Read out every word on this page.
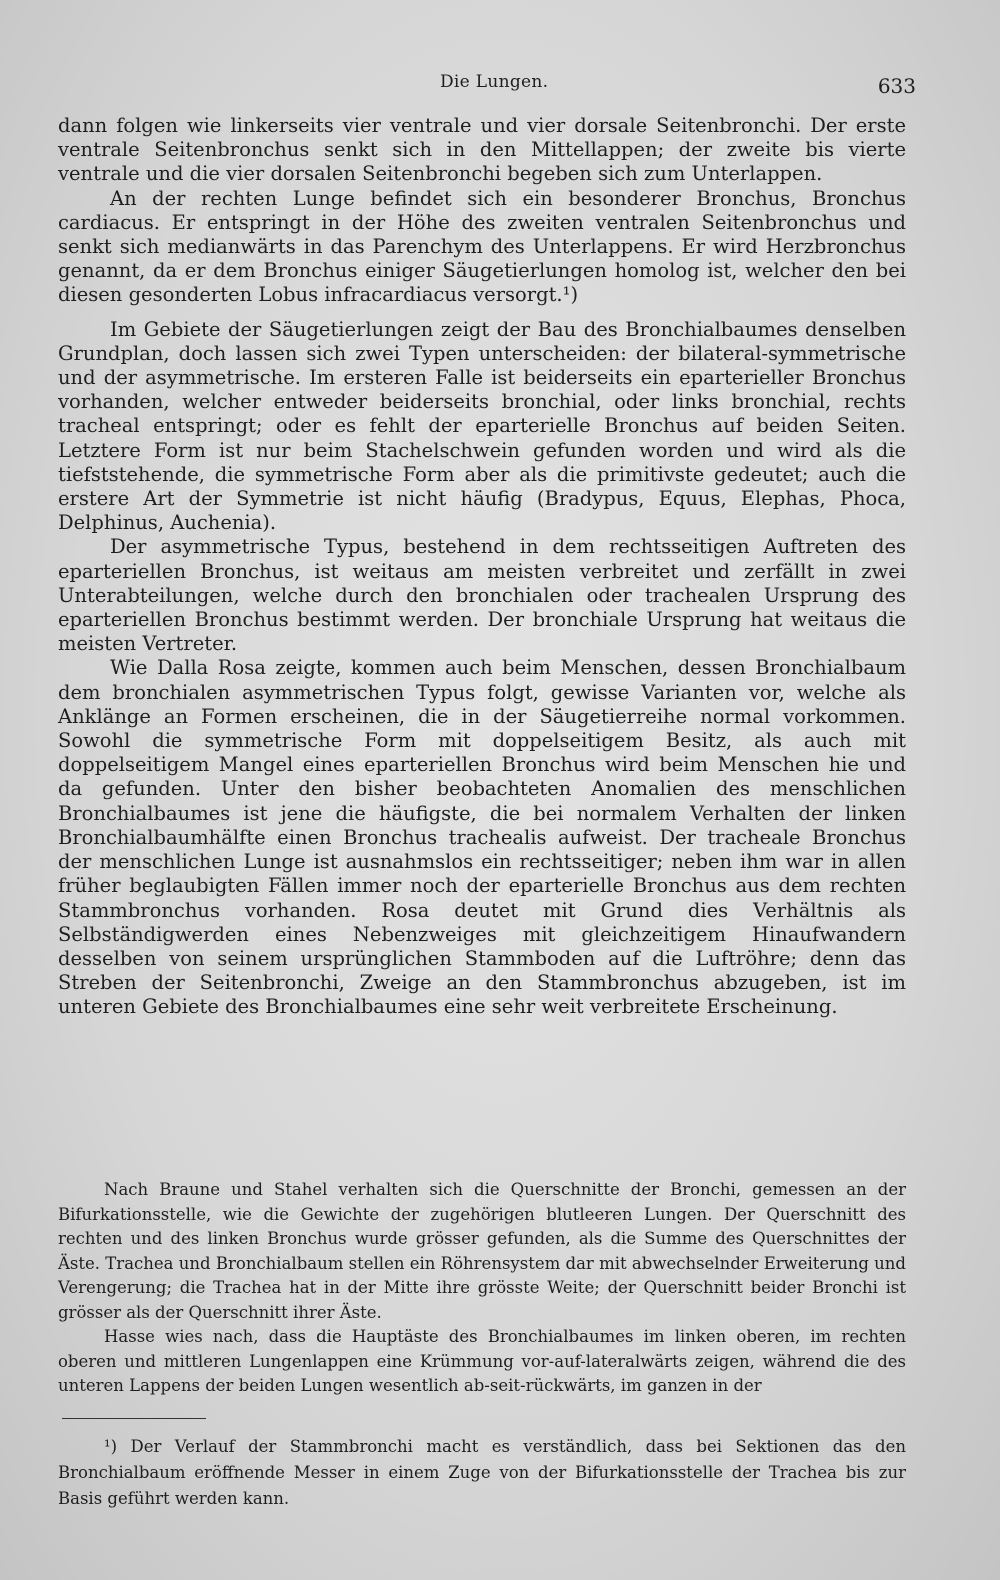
Die Lungen.	633

dann folgen wie linkerseits vier ventrale und vier dorsale Seitenbronchi. Der erste ventrale Seitenbronchus senkt sich in den Mittellappen; der zweite bis vierte ventrale und die vier dorsalen Seitenbronchi begeben sich zum Unterlappen.

An der rechten Lunge befindet sich ein besonderer Bronchus, Bronchus cardiacus. Er entspringt in der Höhe des zweiten ventralen Seitenbronchus und senkt sich medianwärts in das Parenchym des Unterlappens. Er wird Herzbronchus genannt, da er dem Bronchus einiger Säugetierlungen homolog ist, welcher den bei diesen gesonderten Lobus infracardiacus versorgt.¹)

Im Gebiete der Säugetierlungen zeigt der Bau des Bronchialbaumes denselben Grundplan, doch lassen sich zwei Typen unterscheiden: der bilateral-symmetrische und der asymmetrische. Im ersteren Falle ist beiderseits ein eparterieller Bronchus vorhanden, welcher entweder beiderseits bronchial, oder links bronchial, rechts tracheal entspringt; oder es fehlt der eparterielle Bronchus auf beiden Seiten. Letztere Form ist nur beim Stachelschwein gefunden worden und wird als die tiefststehende, die symmetrische Form aber als die primitivste gedeutet; auch die erstere Art der Symmetrie ist nicht häufig (Bradypus, Equus, Elephas, Phoca, Delphinus, Auchenia).

Der asymmetrische Typus, bestehend in dem rechtsseitigen Auftreten des eparteriellen Bronchus, ist weitaus am meisten verbreitet und zerfällt in zwei Unterabteilungen, welche durch den bronchialen oder trachealen Ursprung des eparteriellen Bronchus bestimmt werden. Der bronchiale Ursprung hat weitaus die meisten Vertreter.

Wie Dalla Rosa zeigte, kommen auch beim Menschen, dessen Bronchialbaum dem bronchialen asymmetrischen Typus folgt, gewisse Varianten vor, welche als Anklänge an Formen erscheinen, die in der Säugetierreihe normal vorkommen. Sowohl die symmetrische Form mit doppelseitigem Besitz, als auch mit doppelseitigem Mangel eines eparteriellen Bronchus wird beim Menschen hie und da gefunden. Unter den bisher beobachteten Anomalien des menschlichen Bronchialbaumes ist jene die häufigste, die bei normalem Verhalten der linken Bronchialbaumhälfte einen Bronchus trachealis aufweist. Der tracheale Bronchus der menschlichen Lunge ist ausnahmslos ein rechtsseitiger; neben ihm war in allen früher beglaubigten Fällen immer noch der eparterielle Bronchus aus dem rechten Stammbronchus vorhanden. Rosa deutet mit Grund dies Verhältnis als Selbständigwerden eines Nebenzweiges mit gleichzeitigem Hinaufwandern desselben von seinem ursprünglichen Stammboden auf die Luftröhre; denn das Streben der Seitenbronchi, Zweige an den Stammbronchus abzugeben, ist im unteren Gebiete des Bronchialbaumes eine sehr weit verbreitete Erscheinung.

Nach Braune und Stahel verhalten sich die Querschnitte der Bronchi, gemessen an der Bifurkationsstelle, wie die Gewichte der zugehörigen blutleeren Lungen. Der Querschnitt des rechten und des linken Bronchus wurde grösser gefunden, als die Summe des Querschnittes der Äste. Trachea und Bronchialbaum stellen ein Röhrensystem dar mit abwechselnder Erweiterung und Verengerung; die Trachea hat in der Mitte ihre grösste Weite; der Querschnitt beider Bronchi ist grösser als der Querschnitt ihrer Äste.

Hasse wies nach, dass die Hauptäste des Bronchialbaumes im linken oberen, im rechten oberen und mittleren Lungenlappen eine Krümmung vor-auf-lateralwärts zeigen, während die des unteren Lappens der beiden Lungen wesentlich ab-seit-rückwärts, im ganzen in der

¹) Der Verlauf der Stammbronchi macht es verständlich, dass bei Sektionen das den Bronchialbaum eröffnende Messer in einem Zuge von der Bifurkationsstelle der Trachea bis zur Basis geführt werden kann.
